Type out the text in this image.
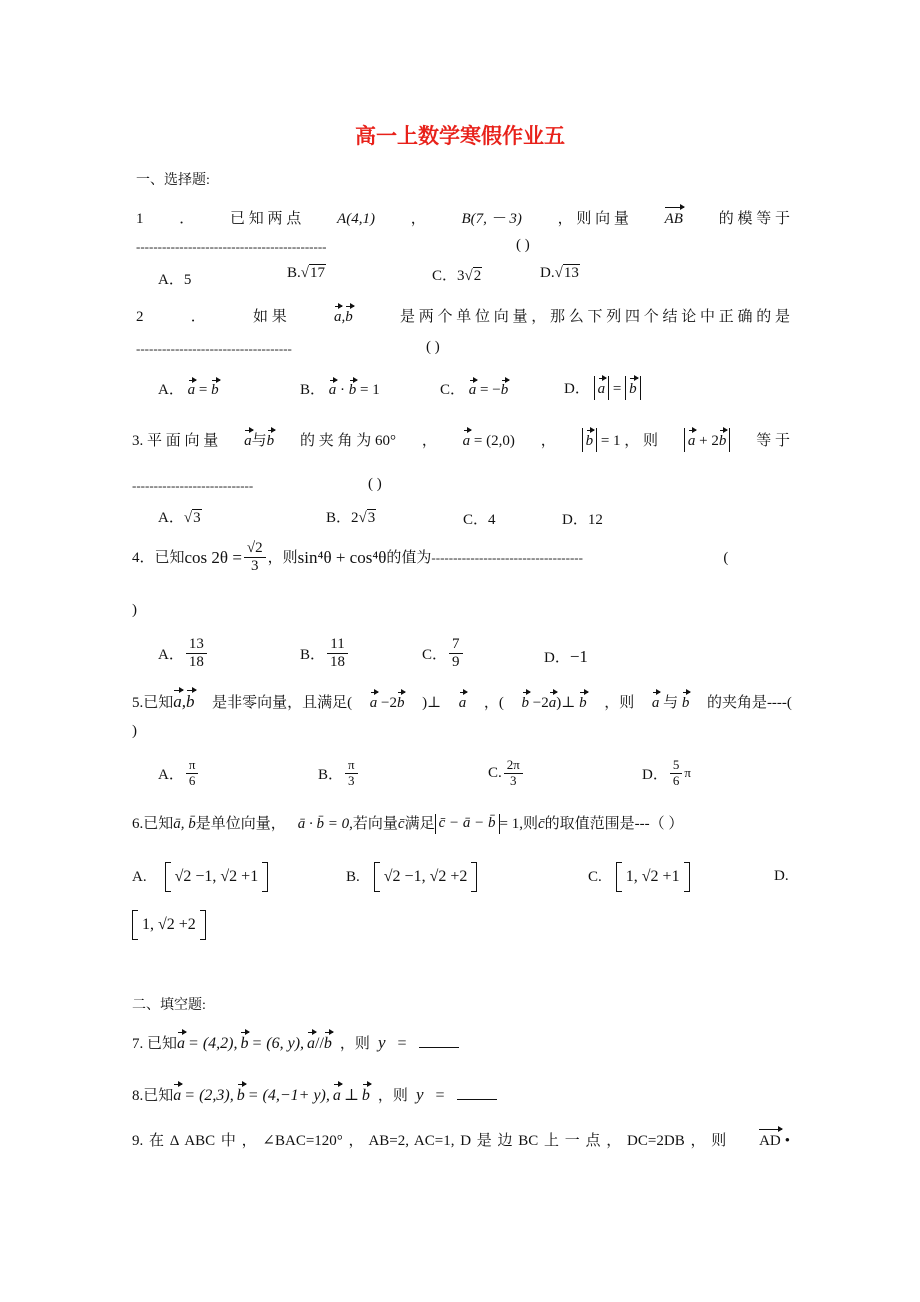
高一上数学寒假作业五
一、选择题:
1 ． 已 知 两 点 A(4,1) ， B(7, － 3) ， 则 向 量 AB 的 模 等 于
--------------------------------------------	( )
A．5	B.√17	C．3√2	D.√13
2	．	如 果	a,b	是 两 个 单 位 向 量 ， 那 么 下 列 四 个 结 论 中 正 确 的 是
------------------------------------	( )
A． a = b	B． a · b = 1	C． a = −b	D． a = b
3. 平 面 向 量 a与b 的 夹 角 为 60° ， a = (2,0) ， b = 1 ， 则 a + 2b 等 于
----------------------------	( )
A．√3	B．2√3	C．4	D．12
4．已知 $\cos 2\theta = \frac{√2}{3}$ ，则 sin⁴θ + cos⁴θ 的值为 -----------------------------------	(
)
A． $\frac{13}{18}$	B． $\frac{11}{18}$	C． $\frac{7}{9}$	D．−1
5.已知a,b 是非零向量，且满足( a −2b )⊥ a ，( b −2a)⊥ b ，则 a 与 b 的夹角是----(
)
A． $\frac{\pi}{6}$	B． $\frac{\pi}{3}$	C. $\frac{2\pi}{3}$	D． $\frac{5}{6}$ π
6.已知 ā, b̄ 是单位向量， ā · b̄ = 0 ,若向量 c̄ 满足 c̄ − ā − b̄ = 1 ,则 c̄ 的取值范围是---（ ）
A. √2 −1, √2 +1	B. √2 −1, √2 +2	C. 1, √2 +1	D.
1, √2 +2
二、填空题:
7. 已知 a = (4,2), b = (6, y), a // b ，则 y =
8.已知 a = (2,3), b = (4,−1+ y), a ⊥ b ，则 y =
9. 在 Δ ABC 中 ， ∠BAC=120° ， AB=2, AC=1, D 是 边 BC 上 一 点 ， DC=2DB ， 则	AD •
